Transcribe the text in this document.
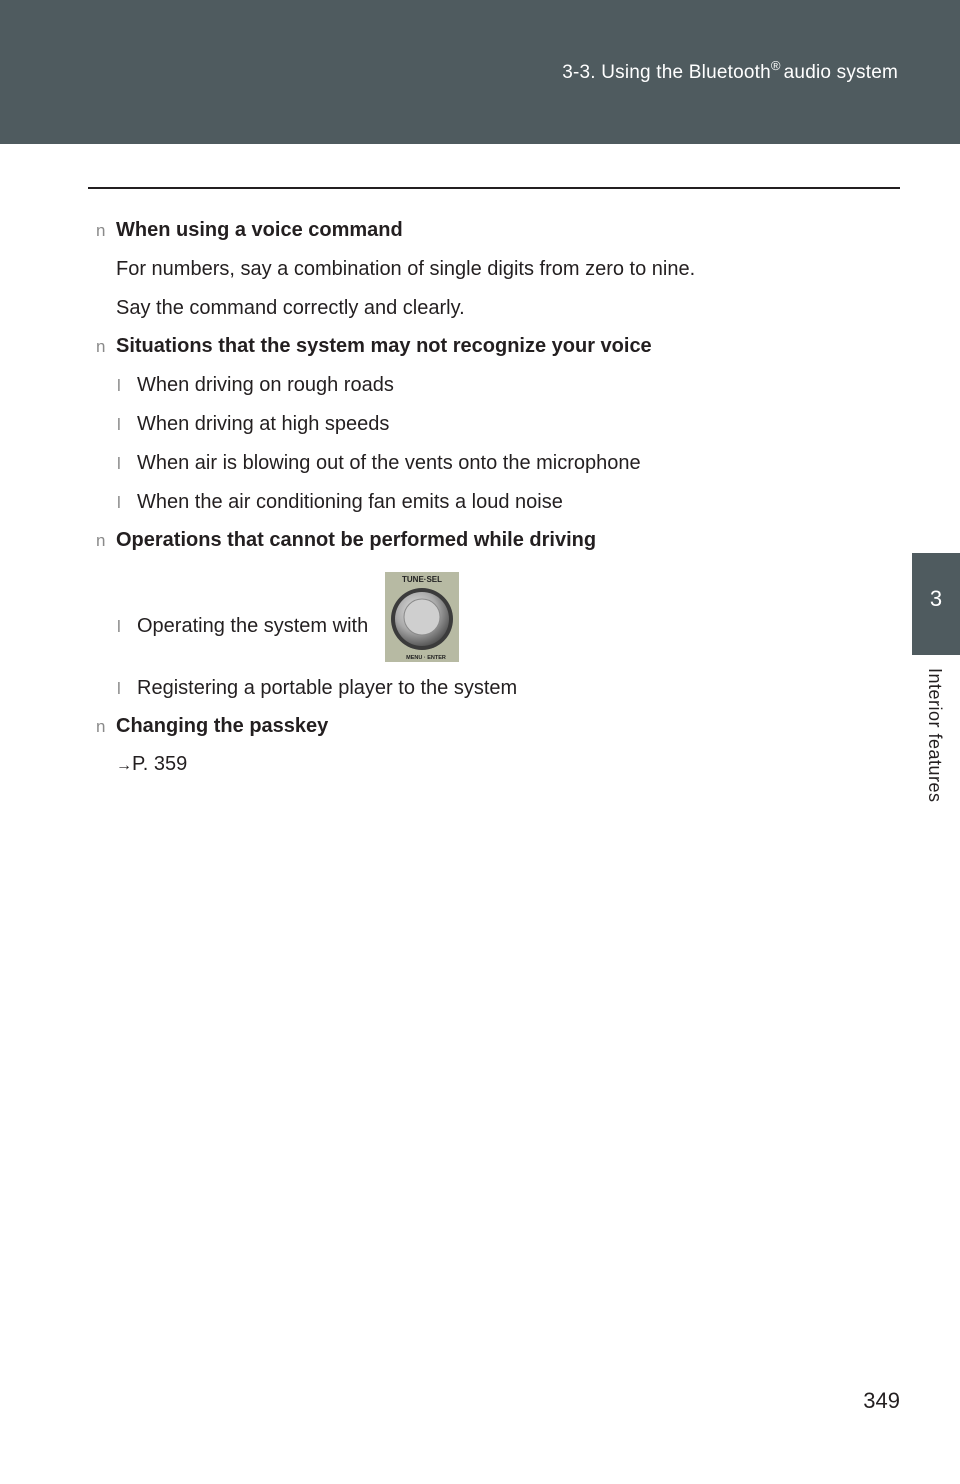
3-3. Using the Bluetooth® audio system
3
Interior features
n When using a voice command
For numbers, say a combination of single digits from zero to nine.
Say the command correctly and clearly.
n Situations that the system may not recognize your voice
l When driving on rough roads
l When driving at high speeds
l When air is blowing out of the vents onto the microphone
l When the air conditioning fan emits a loud noise
n Operations that cannot be performed while driving
l Operating the system with
TUNE·SEL
MENU · ENTER
l Registering a portable player to the system
n Changing the passkey
→P. 359
349
